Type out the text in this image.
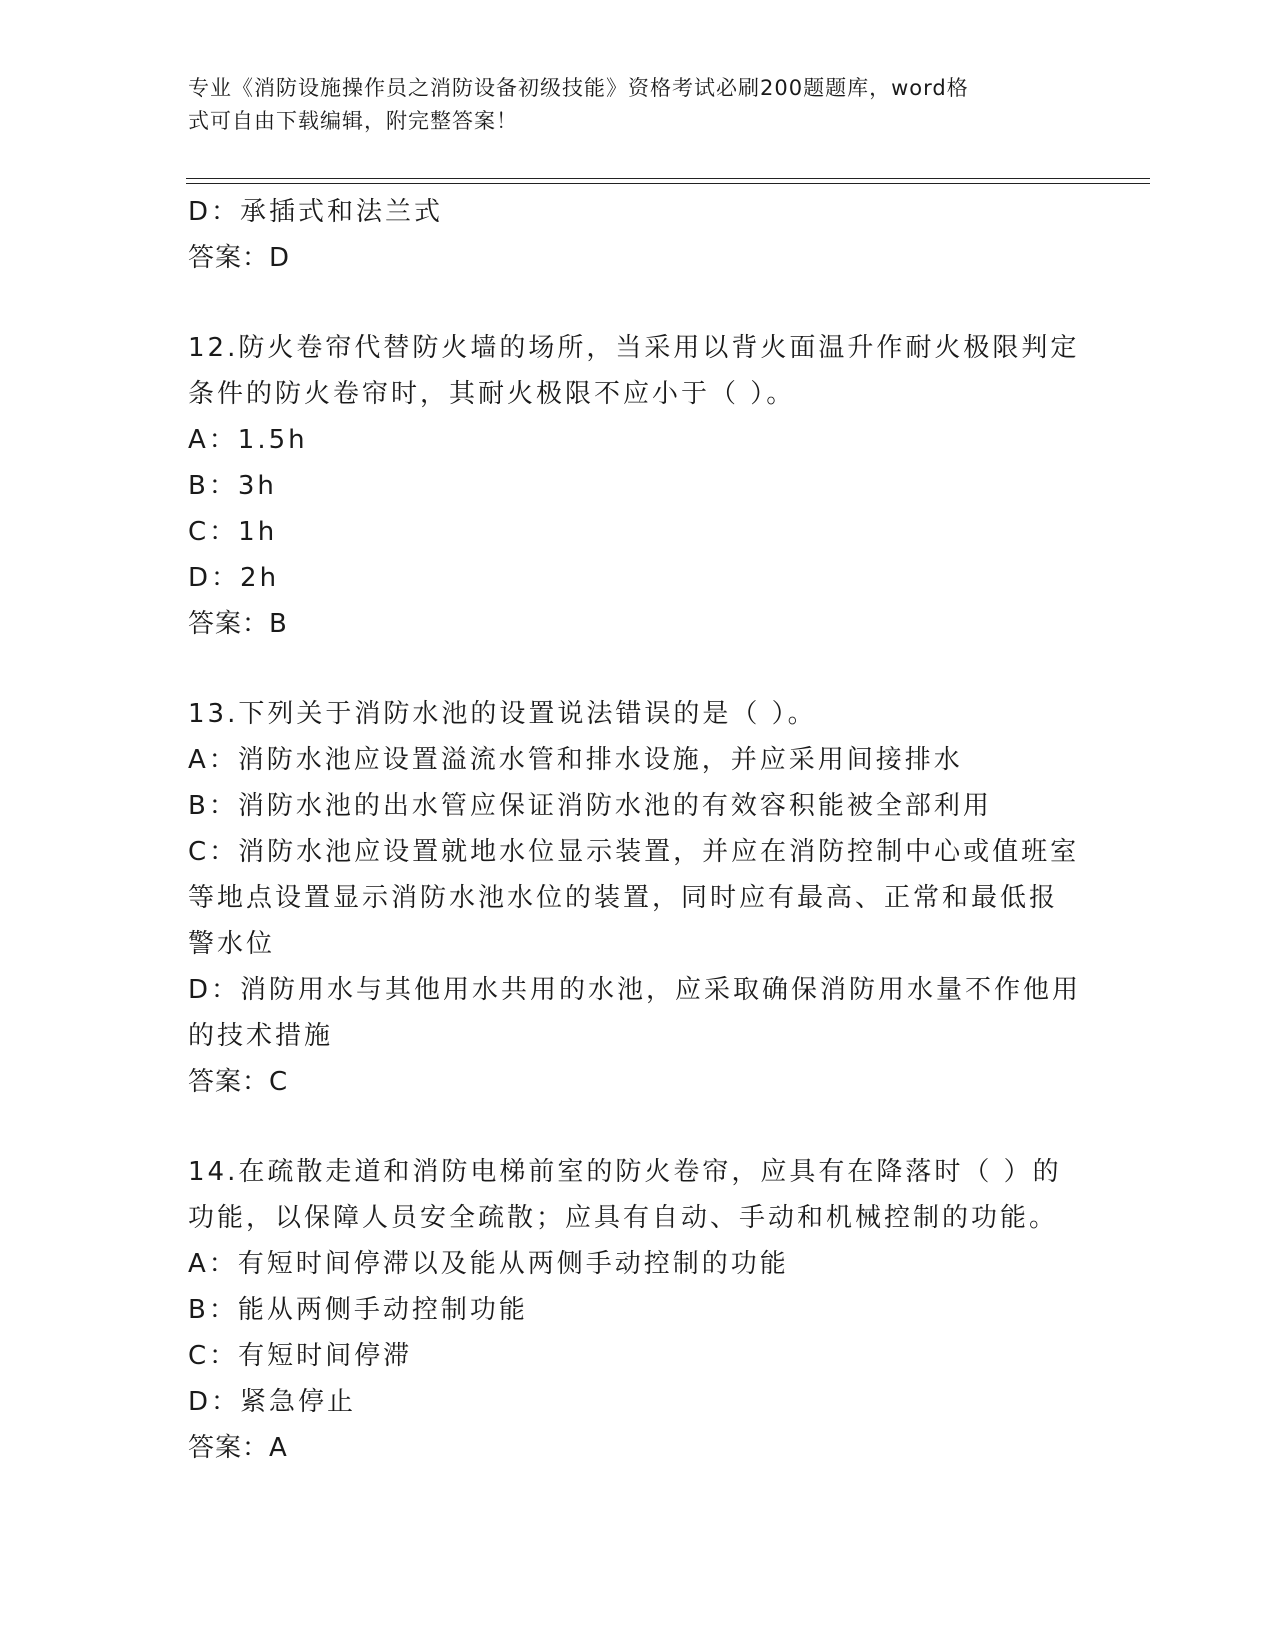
专业《消防设施操作员之消防设备初级技能》资格考试必刷200题题库，word格
式可自由下载编辑，附完整答案！
D：承插式和法兰式
答案：D
12.防火卷帘代替防火墙的场所，当采用以背火面温升作耐火极限判定
条件的防火卷帘时，其耐火极限不应小于（ ）。
A：1.5h
B：3h
C：1h
D：2h
答案：B
13.下列关于消防水池的设置说法错误的是（ ）。
A：消防水池应设置溢流水管和排水设施，并应采用间接排水
B：消防水池的出水管应保证消防水池的有效容积能被全部利用
C：消防水池应设置就地水位显示装置，并应在消防控制中心或值班室
等地点设置显示消防水池水位的装置，同时应有最高、正常和最低报
警水位
D：消防用水与其他用水共用的水池，应采取确保消防用水量不作他用
的技术措施
答案：C
14.在疏散走道和消防电梯前室的防火卷帘，应具有在降落时（ ）的
功能，以保障人员安全疏散；应具有自动、手动和机械控制的功能。
A：有短时间停滞以及能从两侧手动控制的功能
B：能从两侧手动控制功能
C：有短时间停滞
D：紧急停止
答案：A
